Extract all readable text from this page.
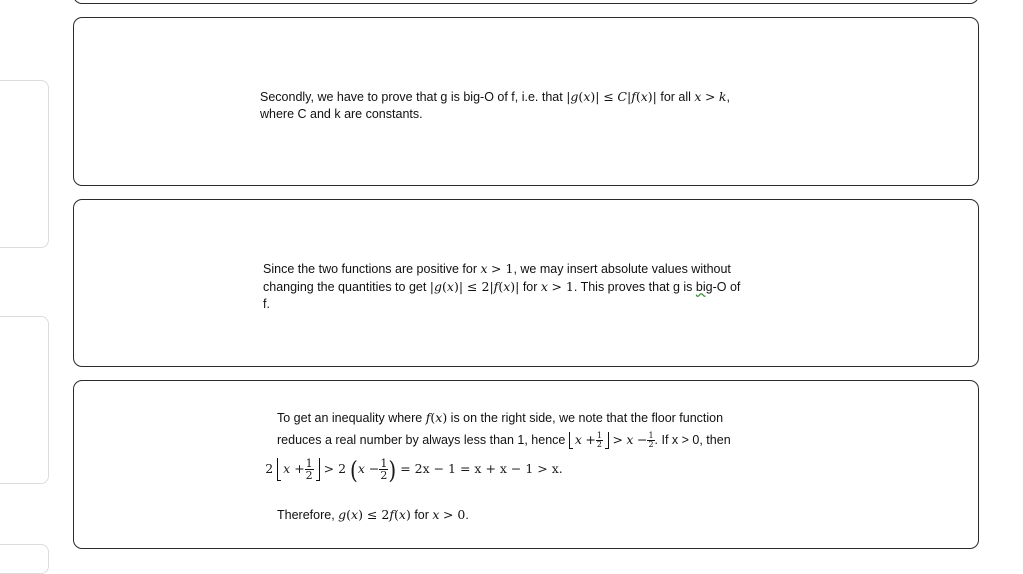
Secondly, we have to prove that g is big-O of f, i.e. that |g(x)| ≤ C|f(x)| for all x > k,
where C and k are constants.
Since the two functions are positive for x > 1, we may insert absolute values without
changing the quantities to get |g(x)| ≤ 2|f(x)| for x > 1. This proves that g is big-O of
f.
To get an inequality where f(x) is on the right side, we note that the floor function
reduces a real number by always less than 1, hence $x + \frac{1}{2} > x - \frac{1}{2}$ . If x > 0, then
2 $x + \frac{1}{2} > 2$ ($x - \frac{1}{2}$ ) = 2x − 1 = x + x − 1 > x.
Therefore, g(x) ≤ 2f(x) for x > 0.
